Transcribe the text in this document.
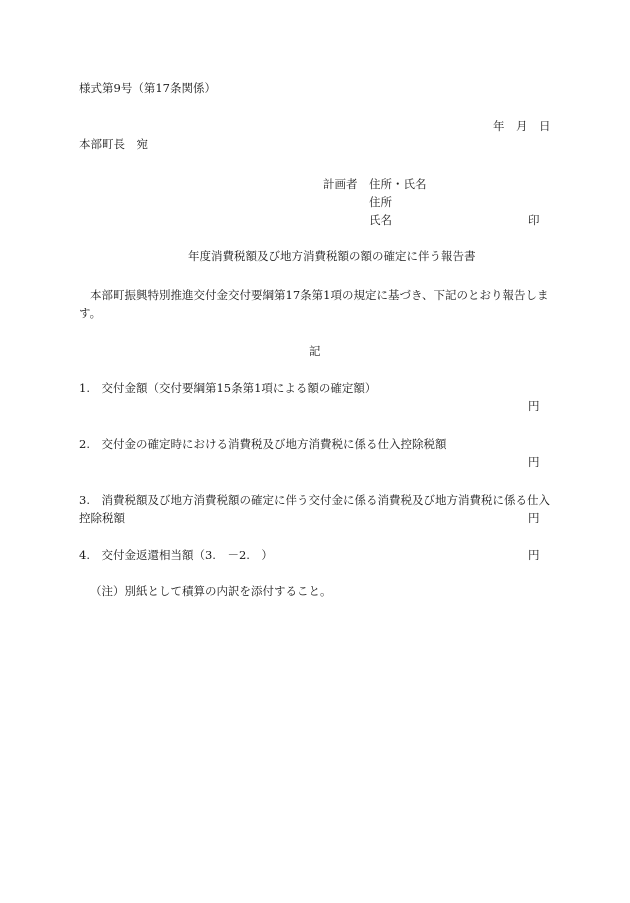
様式第9号（第17条関係）
年　月　日
本部町長　宛
計画者 住所・氏名
住所
氏名	印
年度消費税額及び地方消費税額の額の確定に伴う報告書
本部町振興特別推進交付金交付要綱第17条第1項の規定に基づき、下記のとおり報告しま
す。
記
1.　交付金額（交付要綱第15条第1項による額の確定額）
円
2.　交付金の確定時における消費税及び地方消費税に係る仕入控除税額
円
3.　消費税額及び地方消費税額の確定に伴う交付金に係る消費税及び地方消費税に係る仕入
控除税額	円
4.　交付金返還相当額（3.　－2.　）	円
（注）別紙として積算の内訳を添付すること。
